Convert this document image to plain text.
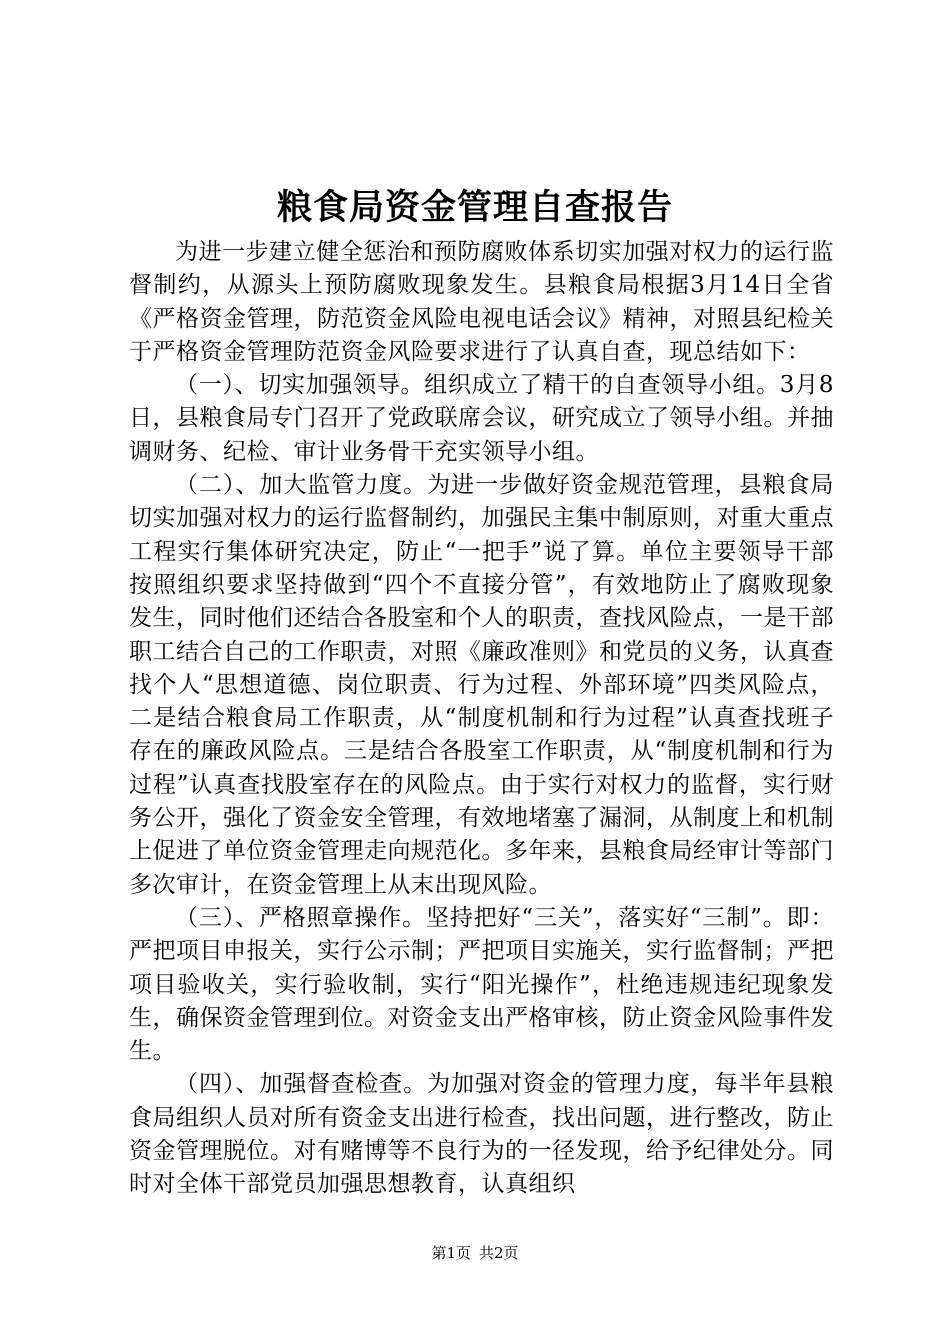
粮食局资金管理自查报告

为进一步建立健全惩治和预防腐败体系切实加强对权力的运行监督制约，从源头上预防腐败现象发生。县粮食局根据3月14日全省《严格资金管理，防范资金风险电视电话会议》精神，对照县纪检关于严格资金管理防范资金风险要求进行了认真自查，现总结如下：

（一）、切实加强领导。组织成立了精干的自查领导小组。3月8日，县粮食局专门召开了党政联席会议，研究成立了领导小组。并抽调财务、纪检、审计业务骨干充实领导小组。

（二）、加大监管力度。为进一步做好资金规范管理，县粮食局切实加强对权力的运行监督制约，加强民主集中制原则，对重大重点工程实行集体研究决定，防止“一把手”说了算。单位主要领导干部按照组织要求坚持做到“四个不直接分管”，有效地防止了腐败现象发生，同时他们还结合各股室和个人的职责，查找风险点，一是干部职工结合自己的工作职责，对照《廉政准则》和党员的义务，认真查找个人“思想道德、岗位职责、行为过程、外部环境”四类风险点，二是结合粮食局工作职责，从“制度机制和行为过程”认真查找班子存在的廉政风险点。三是结合各股室工作职责，从“制度机制和行为过程”认真查找股室存在的风险点。由于实行对权力的监督，实行财务公开，强化了资金安全管理，有效地堵塞了漏洞，从制度上和机制上促进了单位资金管理走向规范化。多年来，县粮食局经审计等部门多次审计，在资金管理上从末出现风险。

（三）、严格照章操作。坚持把好“三关”，落实好“三制”。即：严把项目申报关，实行公示制；严把项目实施关，实行监督制；严把项目验收关，实行验收制，实行“阳光操作”，杜绝违规违纪现象发生，确保资金管理到位。对资金支出严格审核，防止资金风险事件发生。

（四）、加强督查检查。为加强对资金的管理力度，每半年县粮食局组织人员对所有资金支出进行检查，找出问题，进行整改，防止资金管理脱位。对有赌博等不良行为的一径发现，给予纪律处分。同时对全体干部党员加强思想教育，认真组织

第1页 共2页
